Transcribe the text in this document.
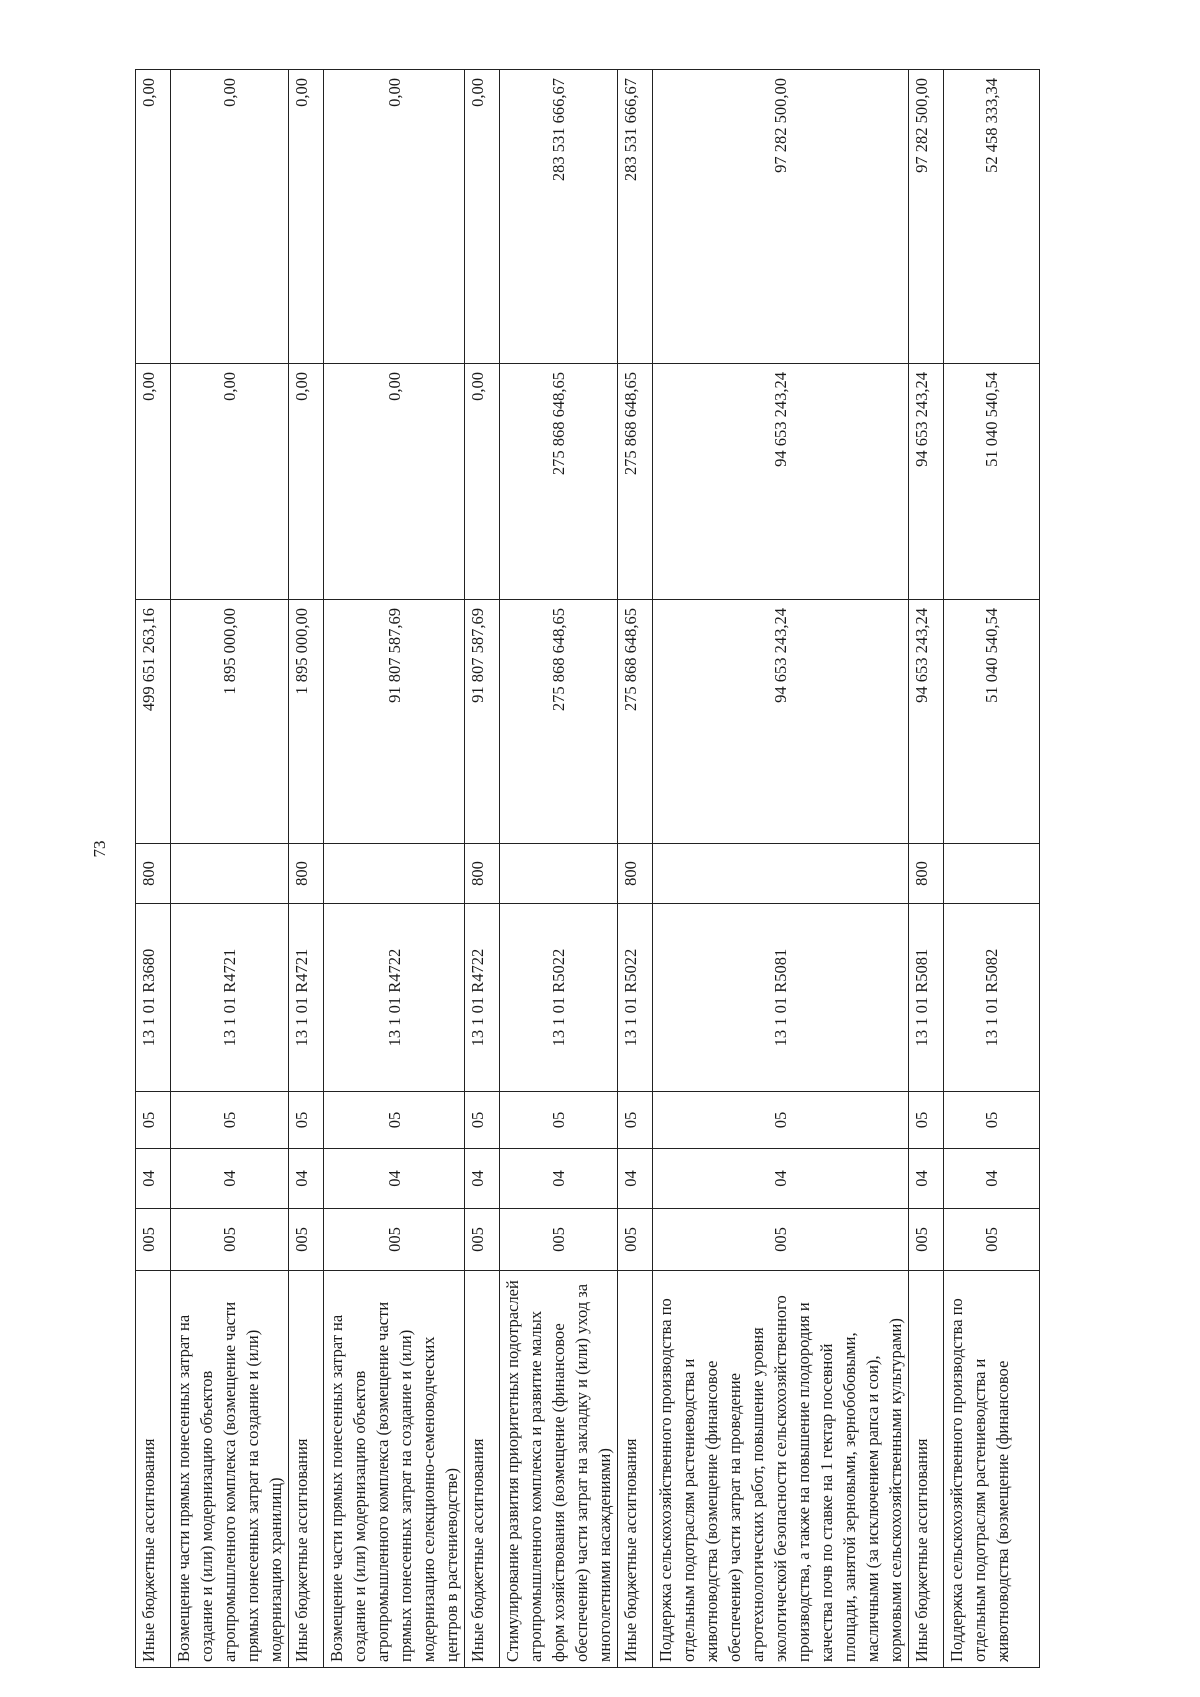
73
Иные бюджетные ассигнования	005	04	05	13 1 01 R3680	800	499 651 263,16	0,00	0,00
Возмещение части прямых понесенных затрат на создание и (или) модернизацию объектов агропромышленного комплекса (возмещение части прямых понесенных затрат на создание и (или) модернизацию хранилищ)	005	04	05	13 1 01 R4721		1 895 000,00	0,00	0,00
Иные бюджетные ассигнования	005	04	05	13 1 01 R4721	800	1 895 000,00	0,00	0,00
Возмещение части прямых понесенных затрат на создание и (или) модернизацию объектов агропромышленного комплекса (возмещение части прямых понесенных затрат на создание и (или) модернизацию селекционно-семеноводческих центров в растениеводстве)	005	04	05	13 1 01 R4722		91 807 587,69	0,00	0,00
Иные бюджетные ассигнования	005	04	05	13 1 01 R4722	800	91 807 587,69	0,00	0,00
Стимулирование развития приоритетных подотраслей агропромышленного комплекса и развитие малых форм хозяйствования (возмещение (финансовое обеспечение) части затрат на закладку и (или) уход за многолетними насаждениями)	005	04	05	13 1 01 R5022		275 868 648,65	275 868 648,65	283 531 666,67
Иные бюджетные ассигнования	005	04	05	13 1 01 R5022	800	275 868 648,65	275 868 648,65	283 531 666,67
Поддержка сельскохозяйственного производства по отдельным подотраслям растениеводства и животноводства (возмещение (финансовое обеспечение) части затрат на проведение агротехнологических работ, повышение уровня экологической безопасности сельскохозяйственного производства, а также на повышение плодородия и качества почв по ставке на 1 гектар посевной площади, занятой зерновыми, зернобобовыми, масличными (за исключением рапса и сои), кормовыми сельскохозяйственными культурами)	005	04	05	13 1 01 R5081		94 653 243,24	94 653 243,24	97 282 500,00
Иные бюджетные ассигнования	005	04	05	13 1 01 R5081	800	94 653 243,24	94 653 243,24	97 282 500,00
Поддержка сельскохозяйственного производства по отдельным подотраслям растениеводства и животноводства (возмещение (финансовое	005	04	05	13 1 01 R5082		51 040 540,54	51 040 540,54	52 458 333,34
